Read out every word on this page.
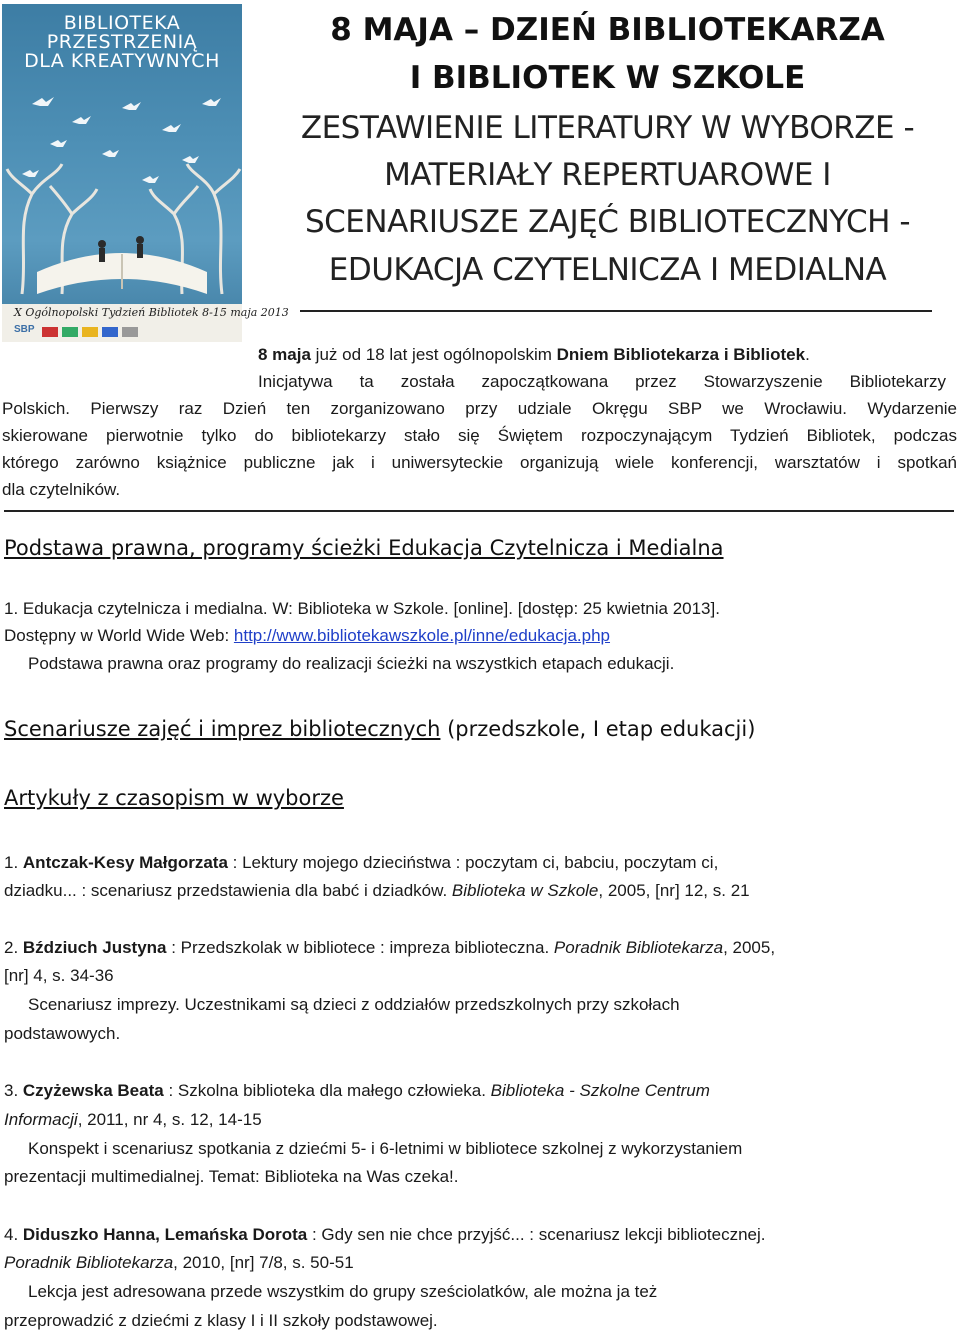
BIBLIOTEKA
PRZESTRZENIĄ
DLA KREATYWNYCH
X Ogólnopolski Tydzień Bibliotek 8-15 maja 2013
SBP
8 MAJA – DZIEŃ BIBLIOTEKARZA
I BIBLIOTEK W SZKOLE
ZESTAWIENIE LITERATURY W WYBORZE -
MATERIAŁY REPERTUAROWE I
SCENARIUSZE ZAJĘĆ BIBLIOTECZNYCH -
EDUKACJA CZYTELNICZA I MEDIALNA
8 maja już od 18 lat jest ogólnopolskim Dniem Bibliotekarza i Bibliotek.
Inicjatywa ta została zapoczątkowana przez Stowarzyszenie Bibliotekarzy
Polskich. Pierwszy raz Dzień ten zorganizowano przy udziale Okręgu SBP we Wrocławiu. Wydarzenie
skierowane pierwotnie tylko do bibliotekarzy stało się Świętem rozpoczynającym Tydzień Bibliotek, podczas
którego zarówno książnice publiczne jak i uniwersyteckie organizują wiele konferencji, warsztatów i spotkań
dla czytelników.
Podstawa prawna, programy ścieżki Edukacja Czytelnicza i Medialna
1. Edukacja czytelnicza i medialna. W: Biblioteka w Szkole. [online]. [dostęp: 25 kwietnia 2013].
Dostępny w World Wide Web: http://www.bibliotekawszkole.pl/inne/edukacja.php
Podstawa prawna oraz programy do realizacji ścieżki na wszystkich etapach edukacji.
Scenariusze zajęć i imprez bibliotecznych (przedszkole, I etap edukacji)
Artykuły z czasopism w wyborze
1. Antczak-Kesy Małgorzata : Lektury mojego dzieciństwa : poczytam ci, babciu, poczytam ci,
dziadku... : scenariusz przedstawienia dla babć i dziadków. Biblioteka w Szkole, 2005, [nr] 12, s. 21
2. Bździuch Justyna : Przedszkolak w bibliotece : impreza biblioteczna. Poradnik Bibliotekarza, 2005,
[nr] 4, s. 34-36
Scenariusz imprezy. Uczestnikami są dzieci z oddziałów przedszkolnych przy szkołach
podstawowych.
3. Czyżewska Beata : Szkolna biblioteka dla małego człowieka. Biblioteka - Szkolne Centrum
Informacji, 2011, nr 4, s. 12, 14-15
Konspekt i scenariusz spotkania z dziećmi 5- i 6-letnimi w bibliotece szkolnej z wykorzystaniem
prezentacji multimedialnej. Temat: Biblioteka na Was czeka!.
4. Diduszko Hanna, Lemańska Dorota : Gdy sen nie chce przyjść... : scenariusz lekcji bibliotecznej.
Poradnik Bibliotekarza, 2010, [nr] 7/8, s. 50-51
Lekcja jest adresowana przede wszystkim do grupy sześciolatków, ale można ja też
przeprowadzić z dziećmi z klasy I i II szkoły podstawowej.
